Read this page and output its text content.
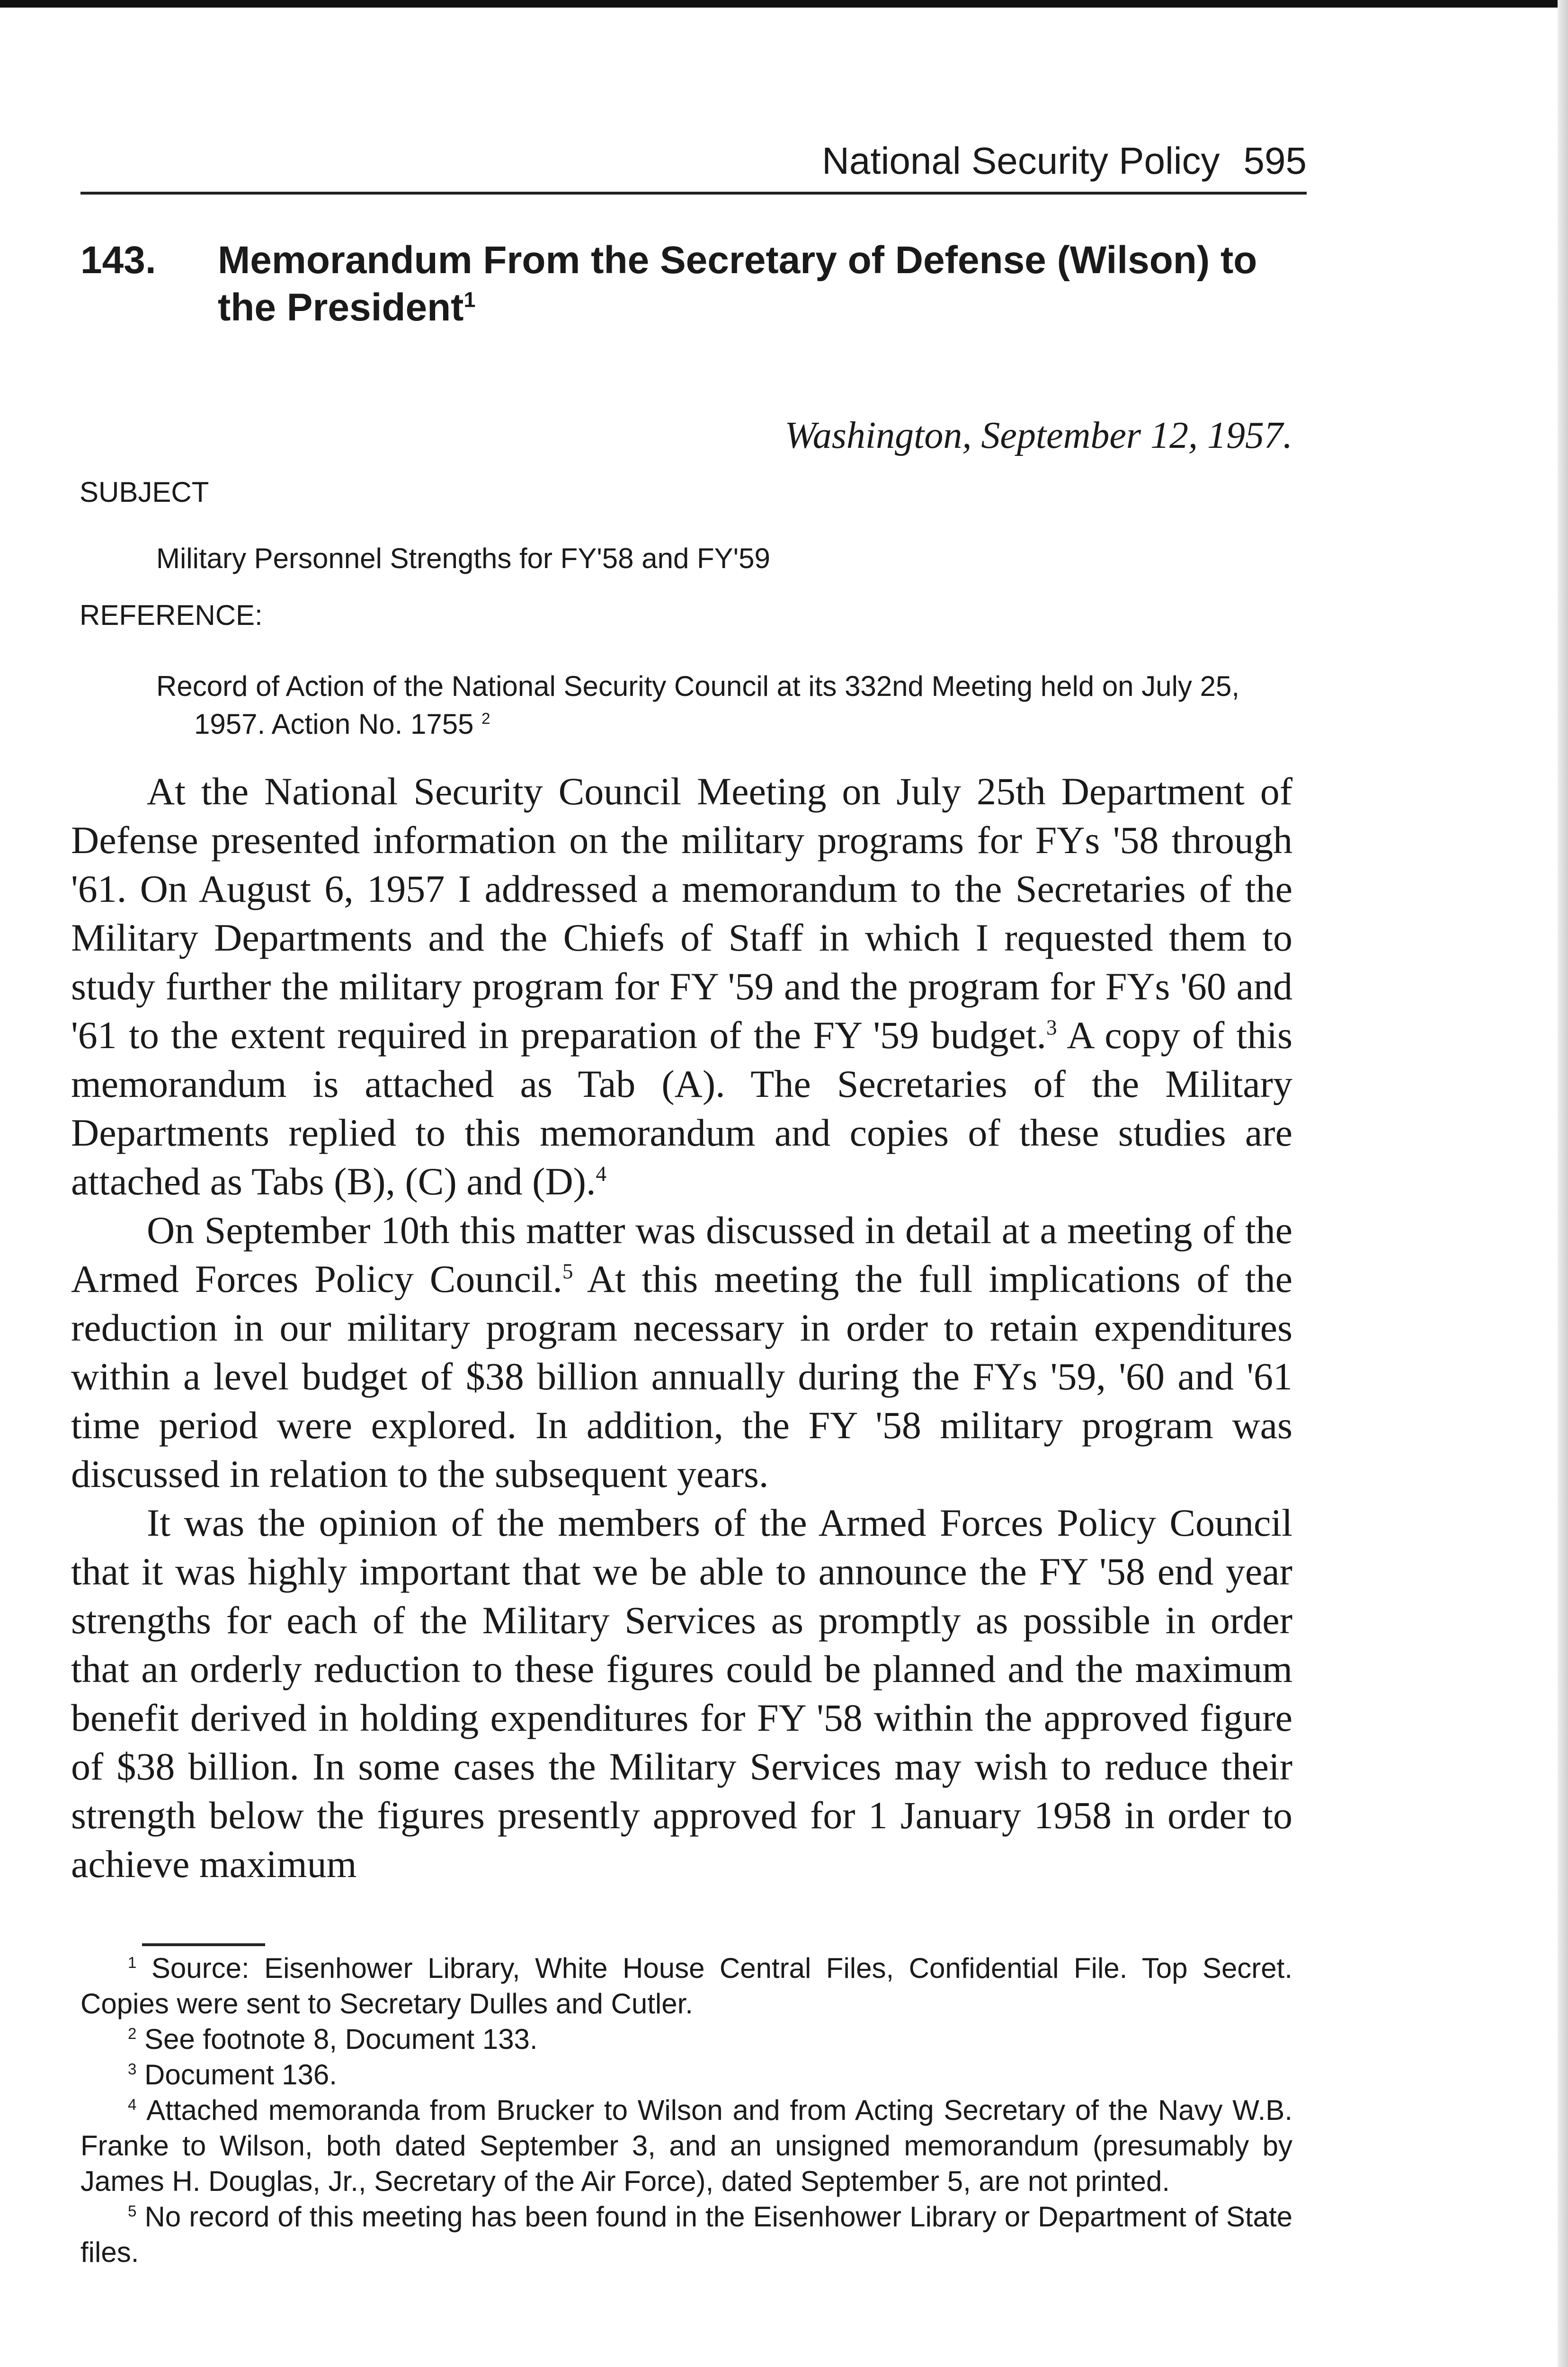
National Security Policy 595
143. Memorandum From the Secretary of Defense (Wilson) to the President$^1$
Washington, September 12, 1957.
SUBJECT
Military Personnel Strengths for FY'58 and FY'59
REFERENCE:
Record of Action of the National Security Council at its 332nd Meeting held on July 25, 1957. Action No. 1755 $^2$

At the National Security Council Meeting on July 25th Department of Defense presented information on the military programs for FYs '58 through '61. On August 6, 1957 I addressed a memorandum to the Secretaries of the Military Departments and the Chiefs of Staff in which I requested them to study further the military program for FY '59 and the program for FYs '60 and '61 to the extent required in preparation of the FY '59 budget.$^3$ A copy of this memorandum is attached as Tab (A). The Secretaries of the Military Departments replied to this memorandum and copies of these studies are attached as Tabs (B), (C) and (D).$^4$

On September 10th this matter was discussed in detail at a meeting of the Armed Forces Policy Council.$^5$ At this meeting the full implications of the reduction in our military program necessary in order to retain expenditures within a level budget of $38 billion annually during the FYs '59, '60 and '61 time period were explored. In addition, the FY '58 military program was discussed in relation to the subsequent years.

It was the opinion of the members of the Armed Forces Policy Council that it was highly important that we be able to announce the FY '58 end year strengths for each of the Military Services as promptly as possible in order that an orderly reduction to these figures could be planned and the maximum benefit derived in holding expenditures for FY '58 within the approved figure of $38 billion. In some cases the Military Services may wish to reduce their strength below the figures presently approved for 1 January 1958 in order to achieve maximum

$^1$ Source: Eisenhower Library, White House Central Files, Confidential File. Top Secret. Copies were sent to Secretary Dulles and Cutler.

$^2$ See footnote 8, Document 133.

$^3$ Document 136.

$^4$ Attached memoranda from Brucker to Wilson and from Acting Secretary of the Navy W.B. Franke to Wilson, both dated September 3, and an unsigned memorandum (presumably by James H. Douglas, Jr., Secretary of the Air Force), dated September 5, are not printed.

$^5$ No record of this meeting has been found in the Eisenhower Library or Department of State files.
